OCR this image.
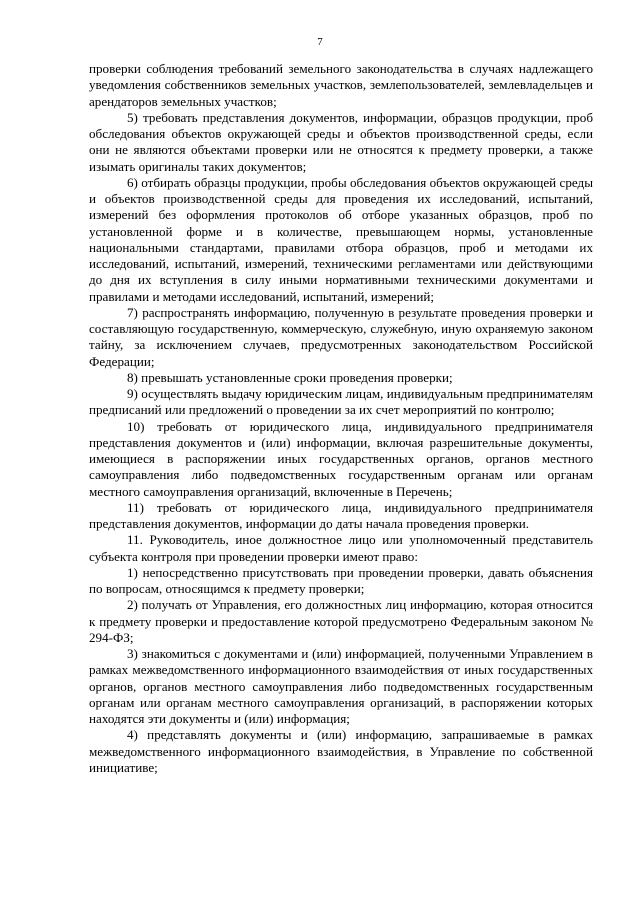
7

проверки соблюдения требований земельного законодательства в случаях надлежащего уведомления собственников земельных участков, землепользователей, землевладельцев и арендаторов земельных участков;

5) требовать представления документов, информации, образцов продукции, проб обследования объектов окружающей среды и объектов производственной среды, если они не являются объектами проверки или не относятся к предмету проверки, а также изымать оригиналы таких документов;

6) отбирать образцы продукции, пробы обследования объектов окружающей среды и объектов производственной среды для проведения их исследований, испытаний, измерений без оформления протоколов об отборе указанных образцов, проб по установленной форме и в количестве, превышающем нормы, установленные национальными стандартами, правилами отбора образцов, проб и методами их исследований, испытаний, измерений, техническими регламентами или действующими до дня их вступления в силу иными нормативными техническими документами и правилами и методами исследований, испытаний, измерений;

7) распространять информацию, полученную в результате проведения проверки и составляющую государственную, коммерческую, служебную, иную охраняемую законом тайну, за исключением случаев, предусмотренных законодательством Российской Федерации;

8) превышать установленные сроки проведения проверки;

9) осуществлять выдачу юридическим лицам, индивидуальным предпринимателям предписаний или предложений о проведении за их счет мероприятий по контролю;

10) требовать от юридического лица, индивидуального предпринимателя представления документов и (или) информации, включая разрешительные документы, имеющиеся в распоряжении иных государственных органов, органов местного самоуправления либо подведомственных государственным органам или органам местного самоуправления организаций, включенные в Перечень;

11) требовать от юридического лица, индивидуального предпринимателя представления документов, информации до даты начала проведения проверки.

11. Руководитель, иное должностное лицо или уполномоченный представитель субъекта контроля при проведении проверки имеют право:

1) непосредственно присутствовать при проведении проверки, давать объяснения по вопросам, относящимся к предмету проверки;

2) получать от Управления, его должностных лиц информацию, которая относится к предмету проверки и предоставление которой предусмотрено Федеральным законом № 294-ФЗ;

3) знакомиться с документами и (или) информацией, полученными Управлением в рамках межведомственного информационного взаимодействия от иных государственных органов, органов местного самоуправления либо подведомственных государственным органам или органам местного самоуправления организаций, в распоряжении которых находятся эти документы и (или) информация;

4) представлять документы и (или) информацию, запрашиваемые в рамках межведомственного информационного взаимодействия, в Управление по собственной инициативе;
